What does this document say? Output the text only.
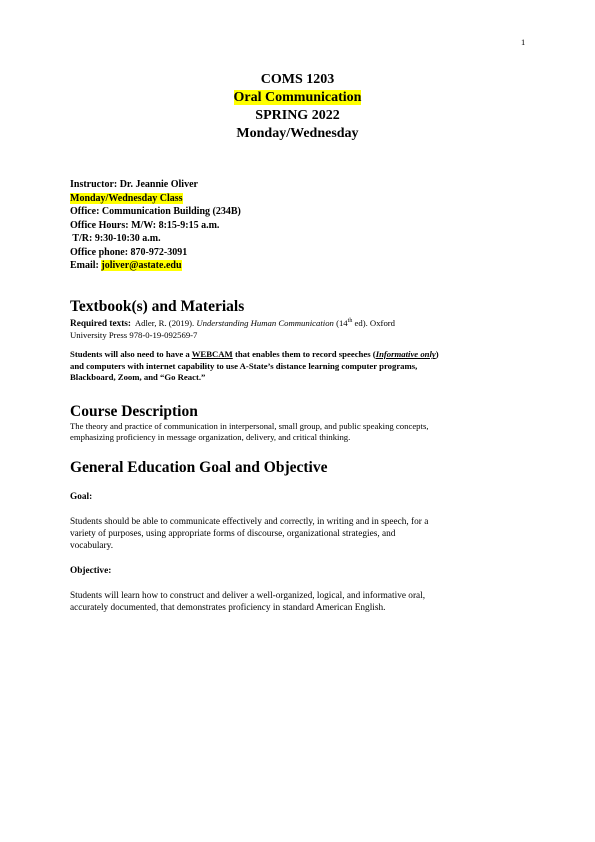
1
COMS 1203
Oral Communication
SPRING 2022
Monday/Wednesday
Instructor: Dr. Jeannie Oliver
Monday/Wednesday Class
Office: Communication Building (234B)
Office Hours: M/W: 8:15-9:15 a.m.
T/R: 9:30-10:30 a.m.
Office phone: 870-972-3091
Email: joliver@astate.edu
Textbook(s) and Materials
Required texts:  Adler, R. (2019). Understanding Human Communication (14th ed). Oxford
University Press 978-0-19-092569-7
Students will also need to have a WEBCAM that enables them to record speeches (Informative only)
and computers with internet capability to use A-State’s distance learning computer programs,
Blackboard, Zoom, and “Go React.”
Course Description
The theory and practice of communication in interpersonal, small group, and public speaking concepts,
emphasizing proficiency in message organization, delivery, and critical thinking.
General Education Goal and Objective
Goal:
Students should be able to communicate effectively and correctly, in writing and in speech, for a
variety of purposes, using appropriate forms of discourse, organizational strategies, and
vocabulary.
Objective:
Students will learn how to construct and deliver a well-organized, logical, and informative oral,
accurately documented, that demonstrates proficiency in standard American English.
